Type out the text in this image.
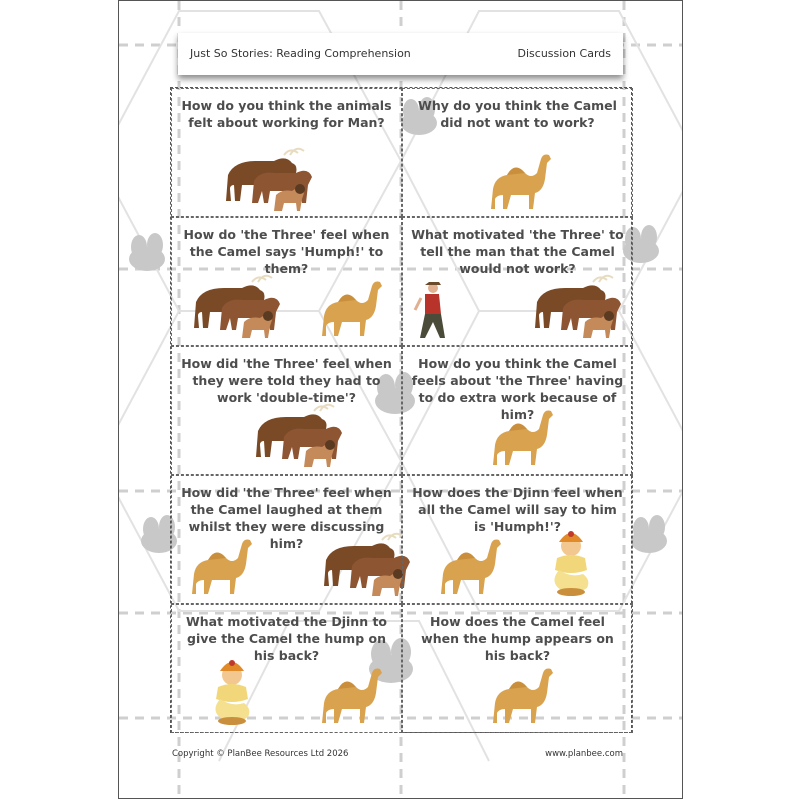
Just So Stories: Reading Comprehension	Discussion Cards
How do you think the animals felt about working for Man?
Why do you think the Camel did not want to work?
How do 'the Three' feel when the Camel says 'Humph!' to them?
What motivated 'the Three' to tell the man that the Camel would not work?
How did 'the Three' feel when they were told they had to work 'double-time'?
How do you think the Camel feels about 'the Three' having to do extra work because of him?
How did 'the Three' feel when the Camel laughed at them whilst they were discussing him?
How does the Djinn feel when all the Camel will say to him is 'Humph!'?
What motivated the Djinn to give the Camel the hump on his back?
How does the Camel feel when the hump appears on his back?
Copyright © PlanBee Resources Ltd 2026	www.planbee.com
